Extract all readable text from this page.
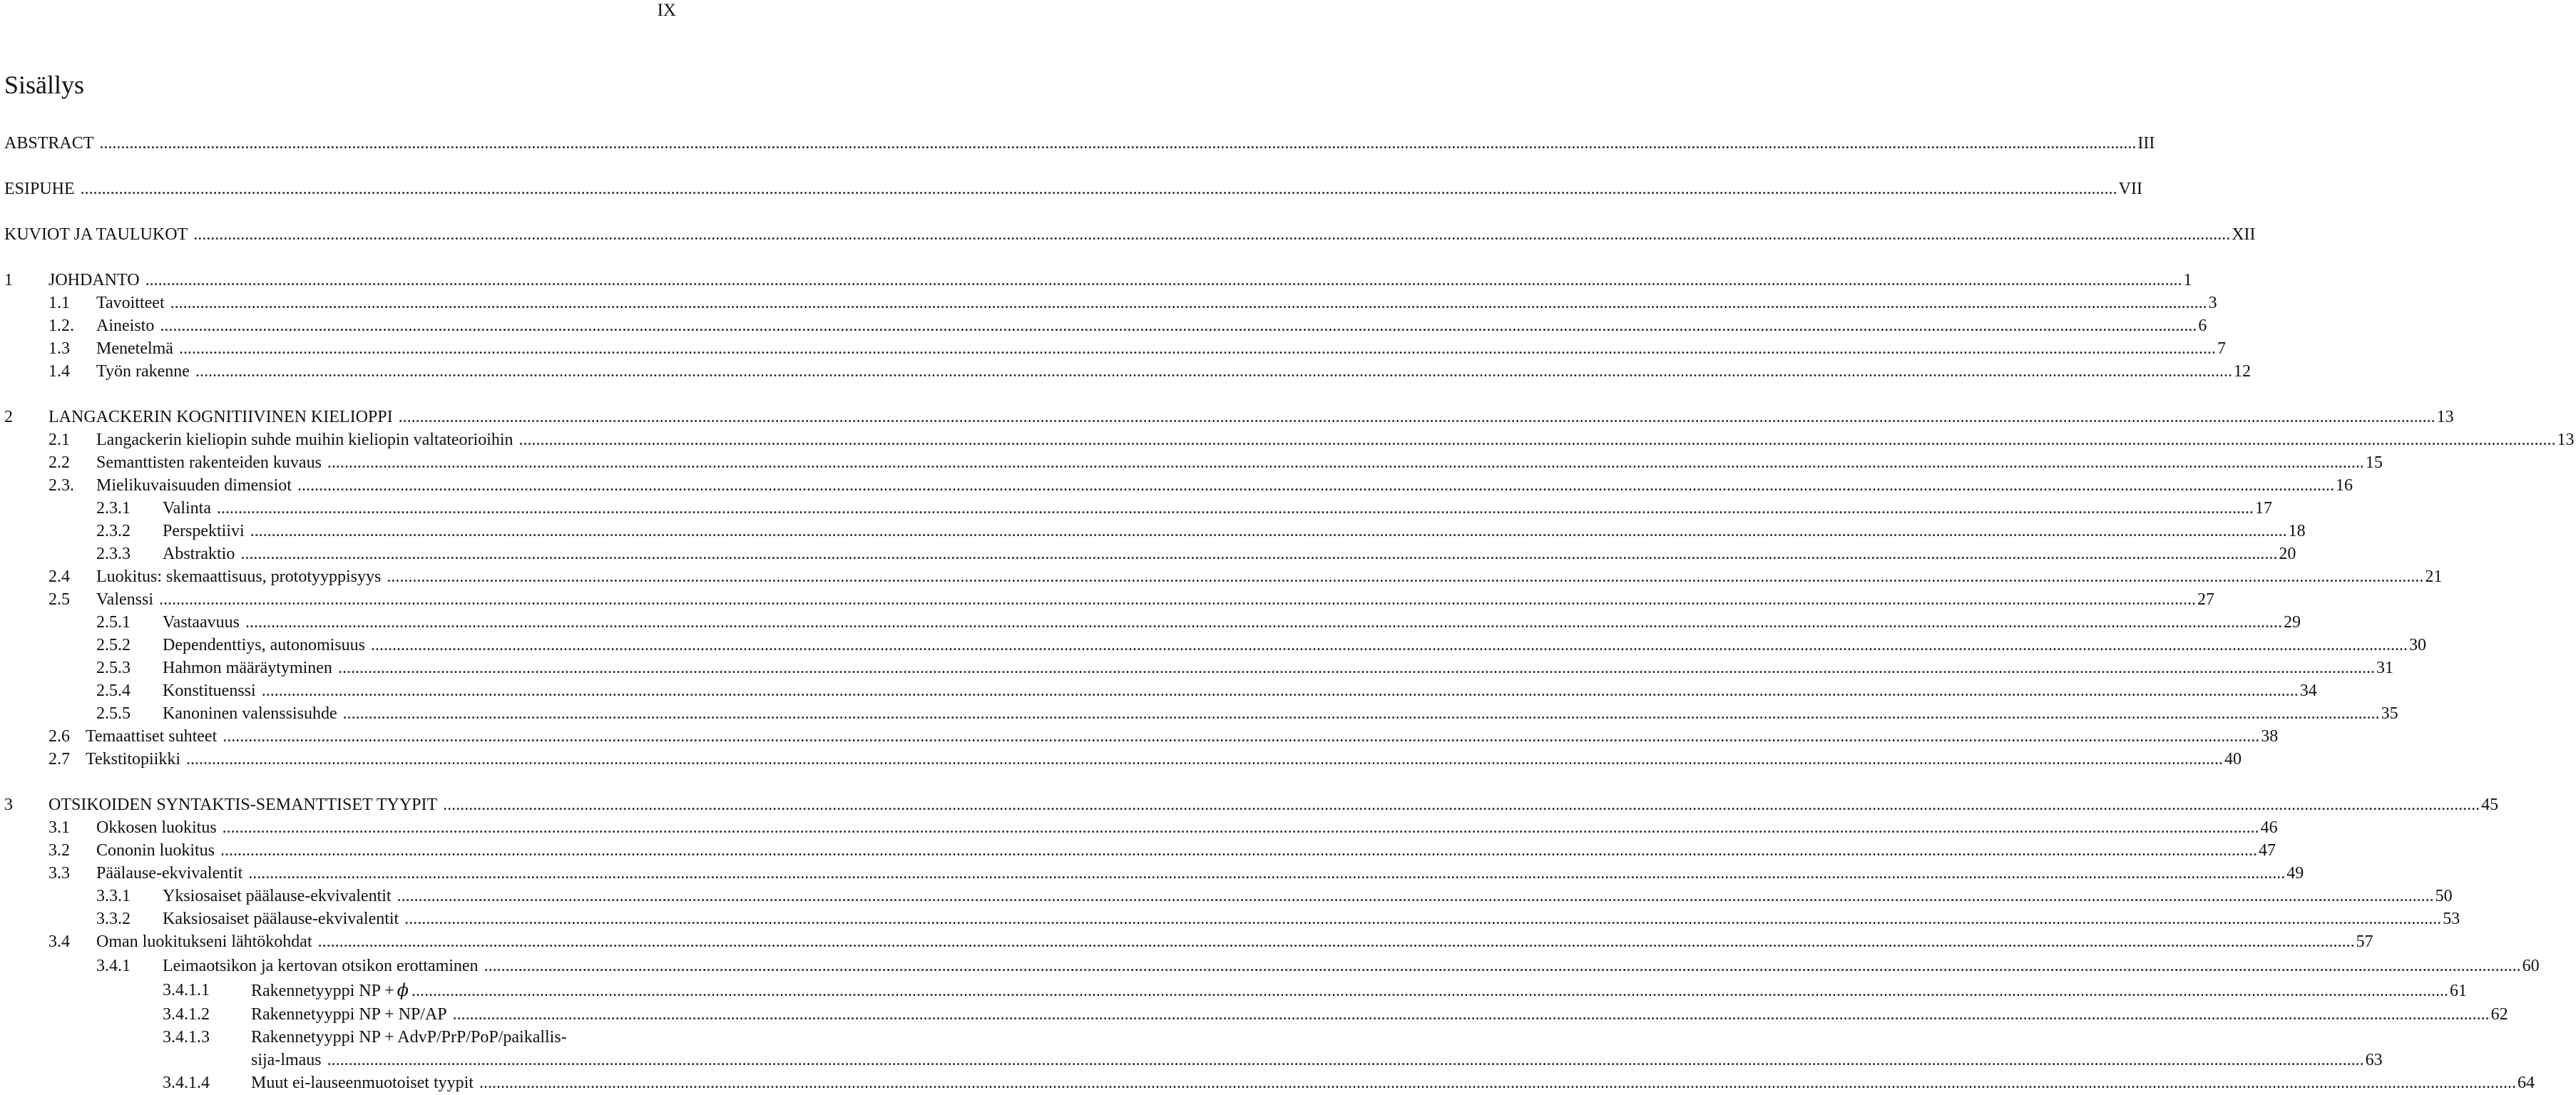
IX
Sisällys
ABSTRACT ............................................................................................................................................................................................................................................................................................................................................................................................................................................................................................ III
ESIPUHE ............................................................................................................................................................................................................................................................................................................................................................................................................................................................................................ VII
KUVIOT JA TAULUKOT ............................................................................................................................................................................................................................................................................................................................................................................................................................................................................................ XII
1 JOHDANTO ............................................................................................................................................................................................................................................................................................................................................................................................................................................................................................ 1
1.1 Tavoitteet ............................................................................................................................................................................................................................................................................................................................................................................................................................................................................................ 3
1.2. Aineisto ............................................................................................................................................................................................................................................................................................................................................................................................................................................................................................ 6
1.3 Menetelmä ............................................................................................................................................................................................................................................................................................................................................................................................................................................................................................ 7
1.4 Työn rakenne ............................................................................................................................................................................................................................................................................................................................................................................................................................................................................................ 12
2 LANGACKERIN KOGNITIIVINEN KIELIOPPI ............................................................................................................................................................................................................................................................................................................................................................................................................................................................................................ 13
2.1 Langackerin kieliopin suhde muihin kieliopin valtateorioihin ............................................................................................................................................................................................................................................................................................................................................................................................................................................................................................ 13
2.2 Semanttisten rakenteiden kuvaus ............................................................................................................................................................................................................................................................................................................................................................................................................................................................................................ 15
2.3. Mielikuvaisuuden dimensiot ............................................................................................................................................................................................................................................................................................................................................................................................................................................................................................ 16
2.3.1 Valinta ............................................................................................................................................................................................................................................................................................................................................................................................................................................................................................ 17
2.3.2 Perspektiivi ............................................................................................................................................................................................................................................................................................................................................................................................................................................................................................ 18
2.3.3 Abstraktio ............................................................................................................................................................................................................................................................................................................................................................................................................................................................................................ 20
2.4 Luokitus: skemaattisuus, prototyyppisyys ............................................................................................................................................................................................................................................................................................................................................................................................................................................................................................ 21
2.5 Valenssi ............................................................................................................................................................................................................................................................................................................................................................................................................................................................................................ 27
2.5.1 Vastaavuus ............................................................................................................................................................................................................................................................................................................................................................................................................................................................................................ 29
2.5.2 Dependenttiys, autonomisuus ............................................................................................................................................................................................................................................................................................................................................................................................................................................................................................ 30
2.5.3 Hahmon määräytyminen ............................................................................................................................................................................................................................................................................................................................................................................................................................................................................................ 31
2.5.4 Konstituenssi ............................................................................................................................................................................................................................................................................................................................................................................................................................................................................................ 34
2.5.5 Kanoninen valenssisuhde ............................................................................................................................................................................................................................................................................................................................................................................................................................................................................................ 35
2.6 Temaattiset suhteet ............................................................................................................................................................................................................................................................................................................................................................................................................................................................................................ 38
2.7 Tekstitopiikki ............................................................................................................................................................................................................................................................................................................................................................................................................................................................................................ 40
3 OTSIKOIDEN SYNTAKTIS-SEMANTTISET TYYPIT ............................................................................................................................................................................................................................................................................................................................................................................................................................................................................................ 45
3.1 Okkosen luokitus ............................................................................................................................................................................................................................................................................................................................................................................................................................................................................................ 46
3.2 Cononin luokitus ............................................................................................................................................................................................................................................................................................................................................................................................................................................................................................ 47
3.3 Päälause-ekvivalentit ............................................................................................................................................................................................................................................................................................................................................................................................................................................................................................ 49
3.3.1 Yksiosaiset päälause-ekvivalentit ............................................................................................................................................................................................................................................................................................................................................................................................................................................................................................ 50
3.3.2 Kaksiosaiset päälause-ekvivalentit ............................................................................................................................................................................................................................................................................................................................................................................................................................................................................................ 53
3.4 Oman luokitukseni lähtökohdat ............................................................................................................................................................................................................................................................................................................................................................................................................................................................................................ 57
3.4.1 Leimaotsikon ja kertovan otsikon erottaminen ............................................................................................................................................................................................................................................................................................................................................................................................................................................................................................ 60
3.4.1.1 Rakennetyyppi NP + ϕ ............................................................................................................................................................................................................................................................................................................................................................................................................................................................................................ 61
3.4.1.2 Rakennetyyppi NP + NP/AP ............................................................................................................................................................................................................................................................................................................................................................................................................................................................................................ 62
3.4.1.3 Rakennetyyppi NP + AdvP/PrP/PoP/paikallis-
sija-lmaus ............................................................................................................................................................................................................................................................................................................................................................................................................................................................................................ 63
3.4.1.4 Muut ei-lauseenmuotoiset tyypit ............................................................................................................................................................................................................................................................................................................................................................................................................................................................................................ 64
